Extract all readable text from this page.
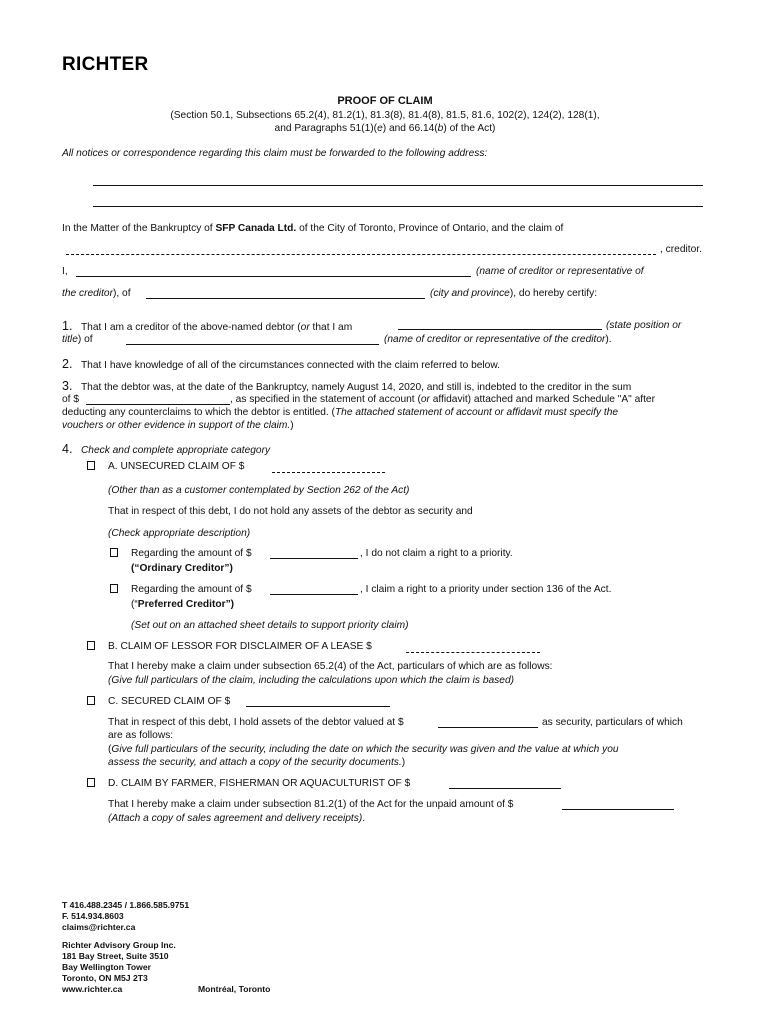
RICHTER
PROOF OF CLAIM
(Section 50.1, Subsections 65.2(4), 81.2(1), 81.3(8), 81.4(8), 81.5, 81.6, 102(2), 124(2), 128(1),
and Paragraphs 51(1)(e) and 66.14(b) of the Act)
All notices or correspondence regarding this claim must be forwarded to the following address:
In the Matter of the Bankruptcy of SFP Canada Ltd. of the City of Toronto, Province of Ontario, and the claim of
, creditor.
I,	(name of creditor or representative of
the creditor), of	(city and province), do hereby certify:
1. That I am a creditor of the above-named debtor (or that I am	(state position or
title) of	(name of creditor or representative of the creditor).
2. That I have knowledge of all of the circumstances connected with the claim referred to below.
3. That the debtor was, at the date of the Bankruptcy, namely August 14, 2020, and still is, indebted to the creditor in the sum
of $	, as specified in the statement of account (or affidavit) attached and marked Schedule "A" after
deducting any counterclaims to which the debtor is entitled. (The attached statement of account or affidavit must specify the
vouchers or other evidence in support of the claim.)
4. Check and complete appropriate category
A. UNSECURED CLAIM OF $
(Other than as a customer contemplated by Section 262 of the Act)
That in respect of this debt, I do not hold any assets of the debtor as security and
(Check appropriate description)
Regarding the amount of $	, I do not claim a right to a priority.
(“Ordinary Creditor”)
Regarding the amount of $	, I claim a right to a priority under section 136 of the Act.
(“Preferred Creditor”)
(Set out on an attached sheet details to support priority claim)
B. CLAIM OF LESSOR FOR DISCLAIMER OF A LEASE $
That I hereby make a claim under subsection 65.2(4) of the Act, particulars of which are as follows:
(Give full particulars of the claim, including the calculations upon which the claim is based)
C. SECURED CLAIM OF $
That in respect of this debt, I hold assets of the debtor valued at $	as security, particulars of which
are as follows:
(Give full particulars of the security, including the date on which the security was given and the value at which you
assess the security, and attach a copy of the security documents.)
D. CLAIM BY FARMER, FISHERMAN OR AQUACULTURIST OF $
That I hereby make a claim under subsection 81.2(1) of the Act for the unpaid amount of $
(Attach a copy of sales agreement and delivery receipts).
T 416.488.2345 / 1.866.585.9751
F. 514.934.8603
claims@richter.ca
Richter Advisory Group Inc.
181 Bay Street, Suite 3510
Bay Wellington Tower
Toronto, ON M5J 2T3
www.richter.ca	Montréal, Toronto
